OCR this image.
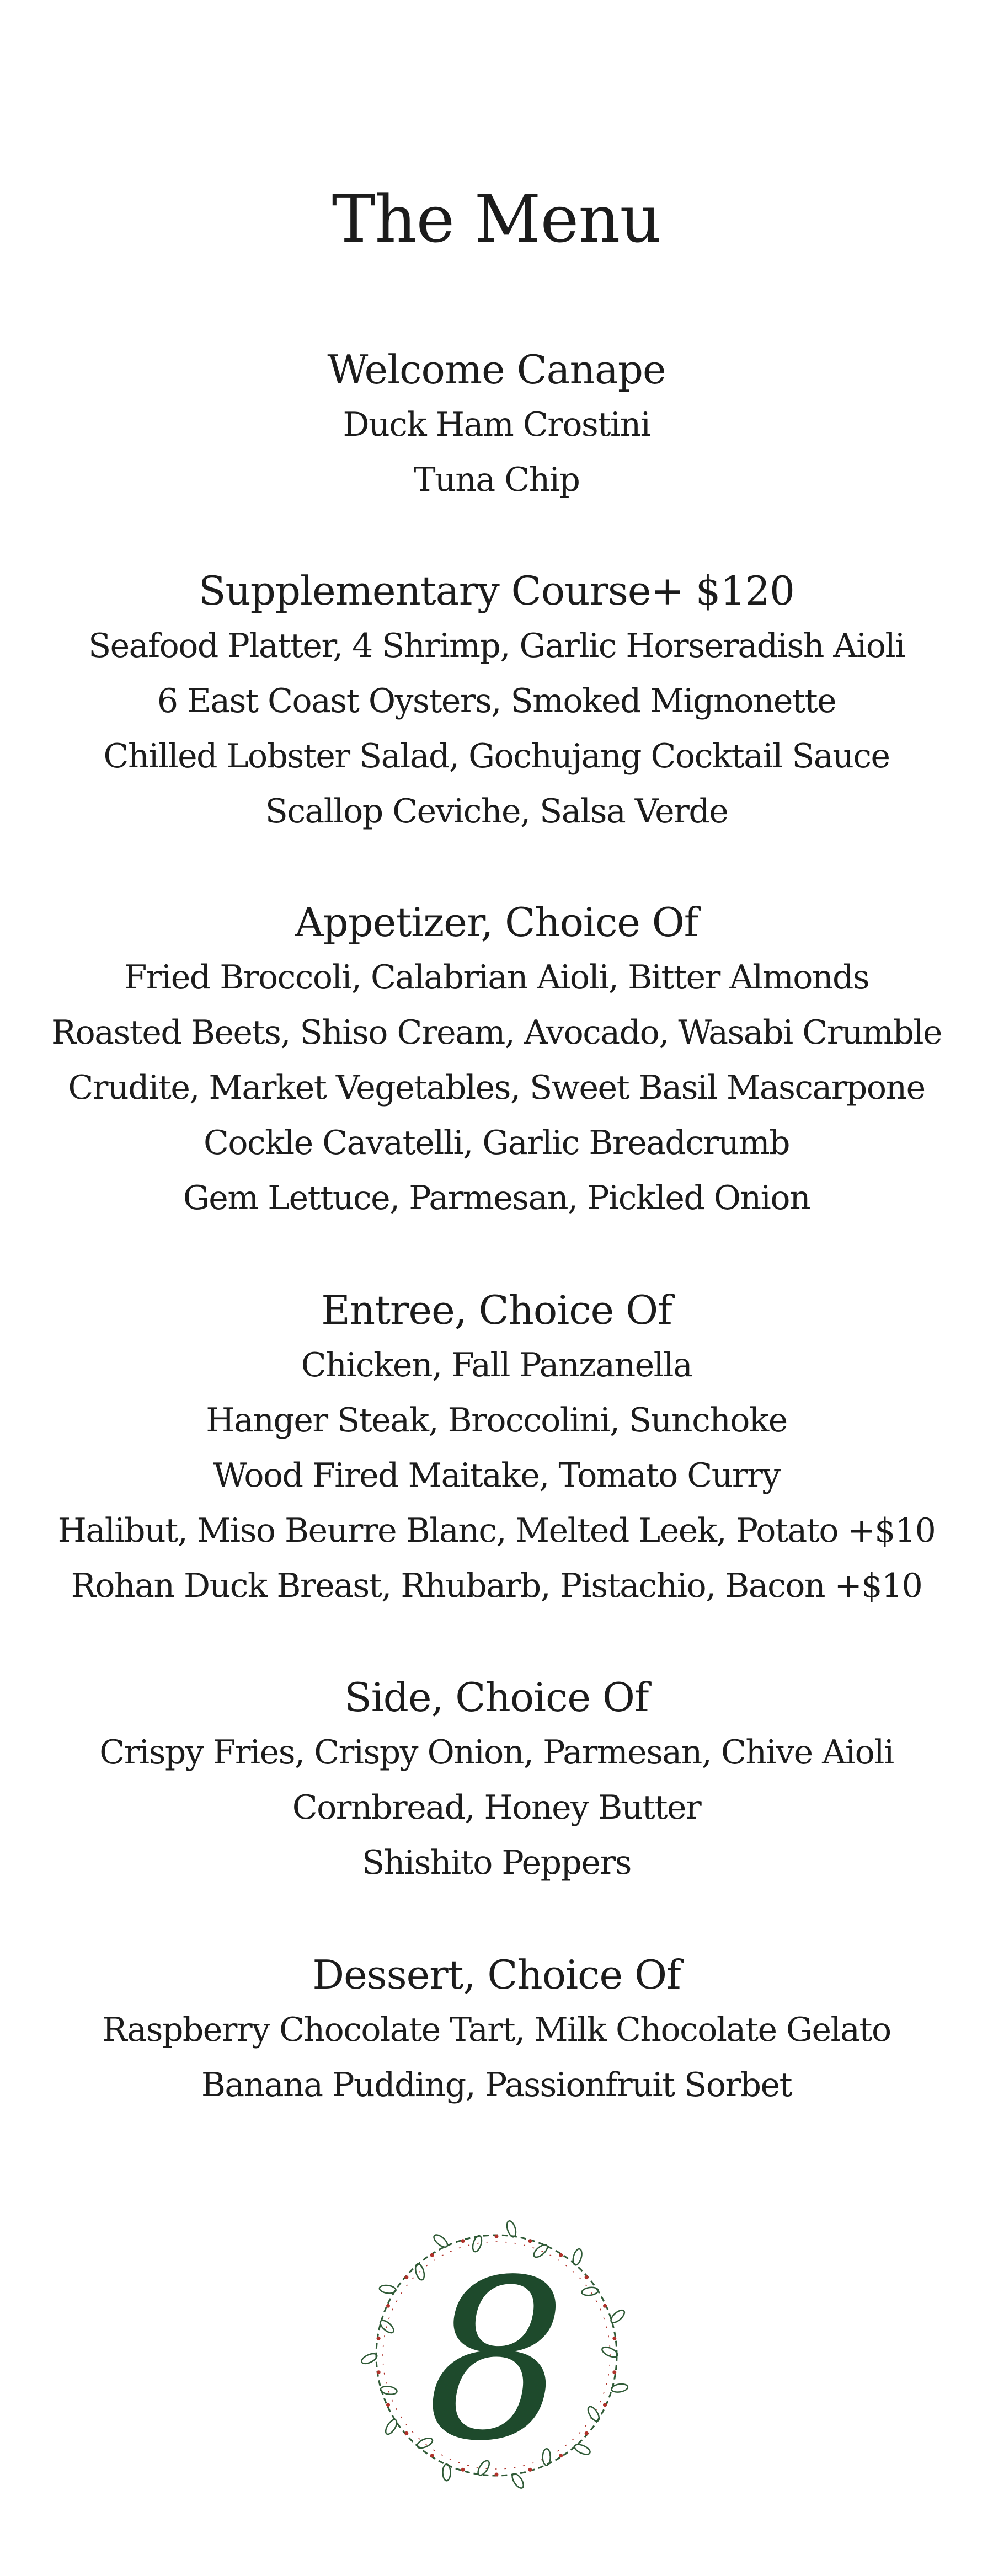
The Menu
Welcome Canape
Duck Ham Crostini
Tuna Chip
Supplementary Course+ $120
Seafood Platter, 4 Shrimp, Garlic Horseradish Aioli
6 East Coast Oysters, Smoked Mignonette
Chilled Lobster Salad, Gochujang Cocktail Sauce
Scallop Ceviche, Salsa Verde
Appetizer, Choice Of
Fried Broccoli, Calabrian Aioli, Bitter Almonds
Roasted Beets, Shiso Cream, Avocado, Wasabi Crumble
Crudite, Market Vegetables, Sweet Basil Mascarpone
Cockle Cavatelli, Garlic Breadcrumb
Gem Lettuce, Parmesan, Pickled Onion
Entree, Choice Of
Chicken, Fall Panzanella
Hanger Steak, Broccolini, Sunchoke
Wood Fired Maitake, Tomato Curry
Halibut, Miso Beurre Blanc, Melted Leek, Potato +$10
Rohan Duck Breast, Rhubarb, Pistachio, Bacon +$10
Side, Choice Of
Crispy Fries, Crispy Onion, Parmesan, Chive Aioli
Cornbread, Honey Butter
Shishito Peppers
Dessert, Choice Of
Raspberry Chocolate Tart, Milk Chocolate Gelato
Banana Pudding, Passionfruit Sorbet
8
